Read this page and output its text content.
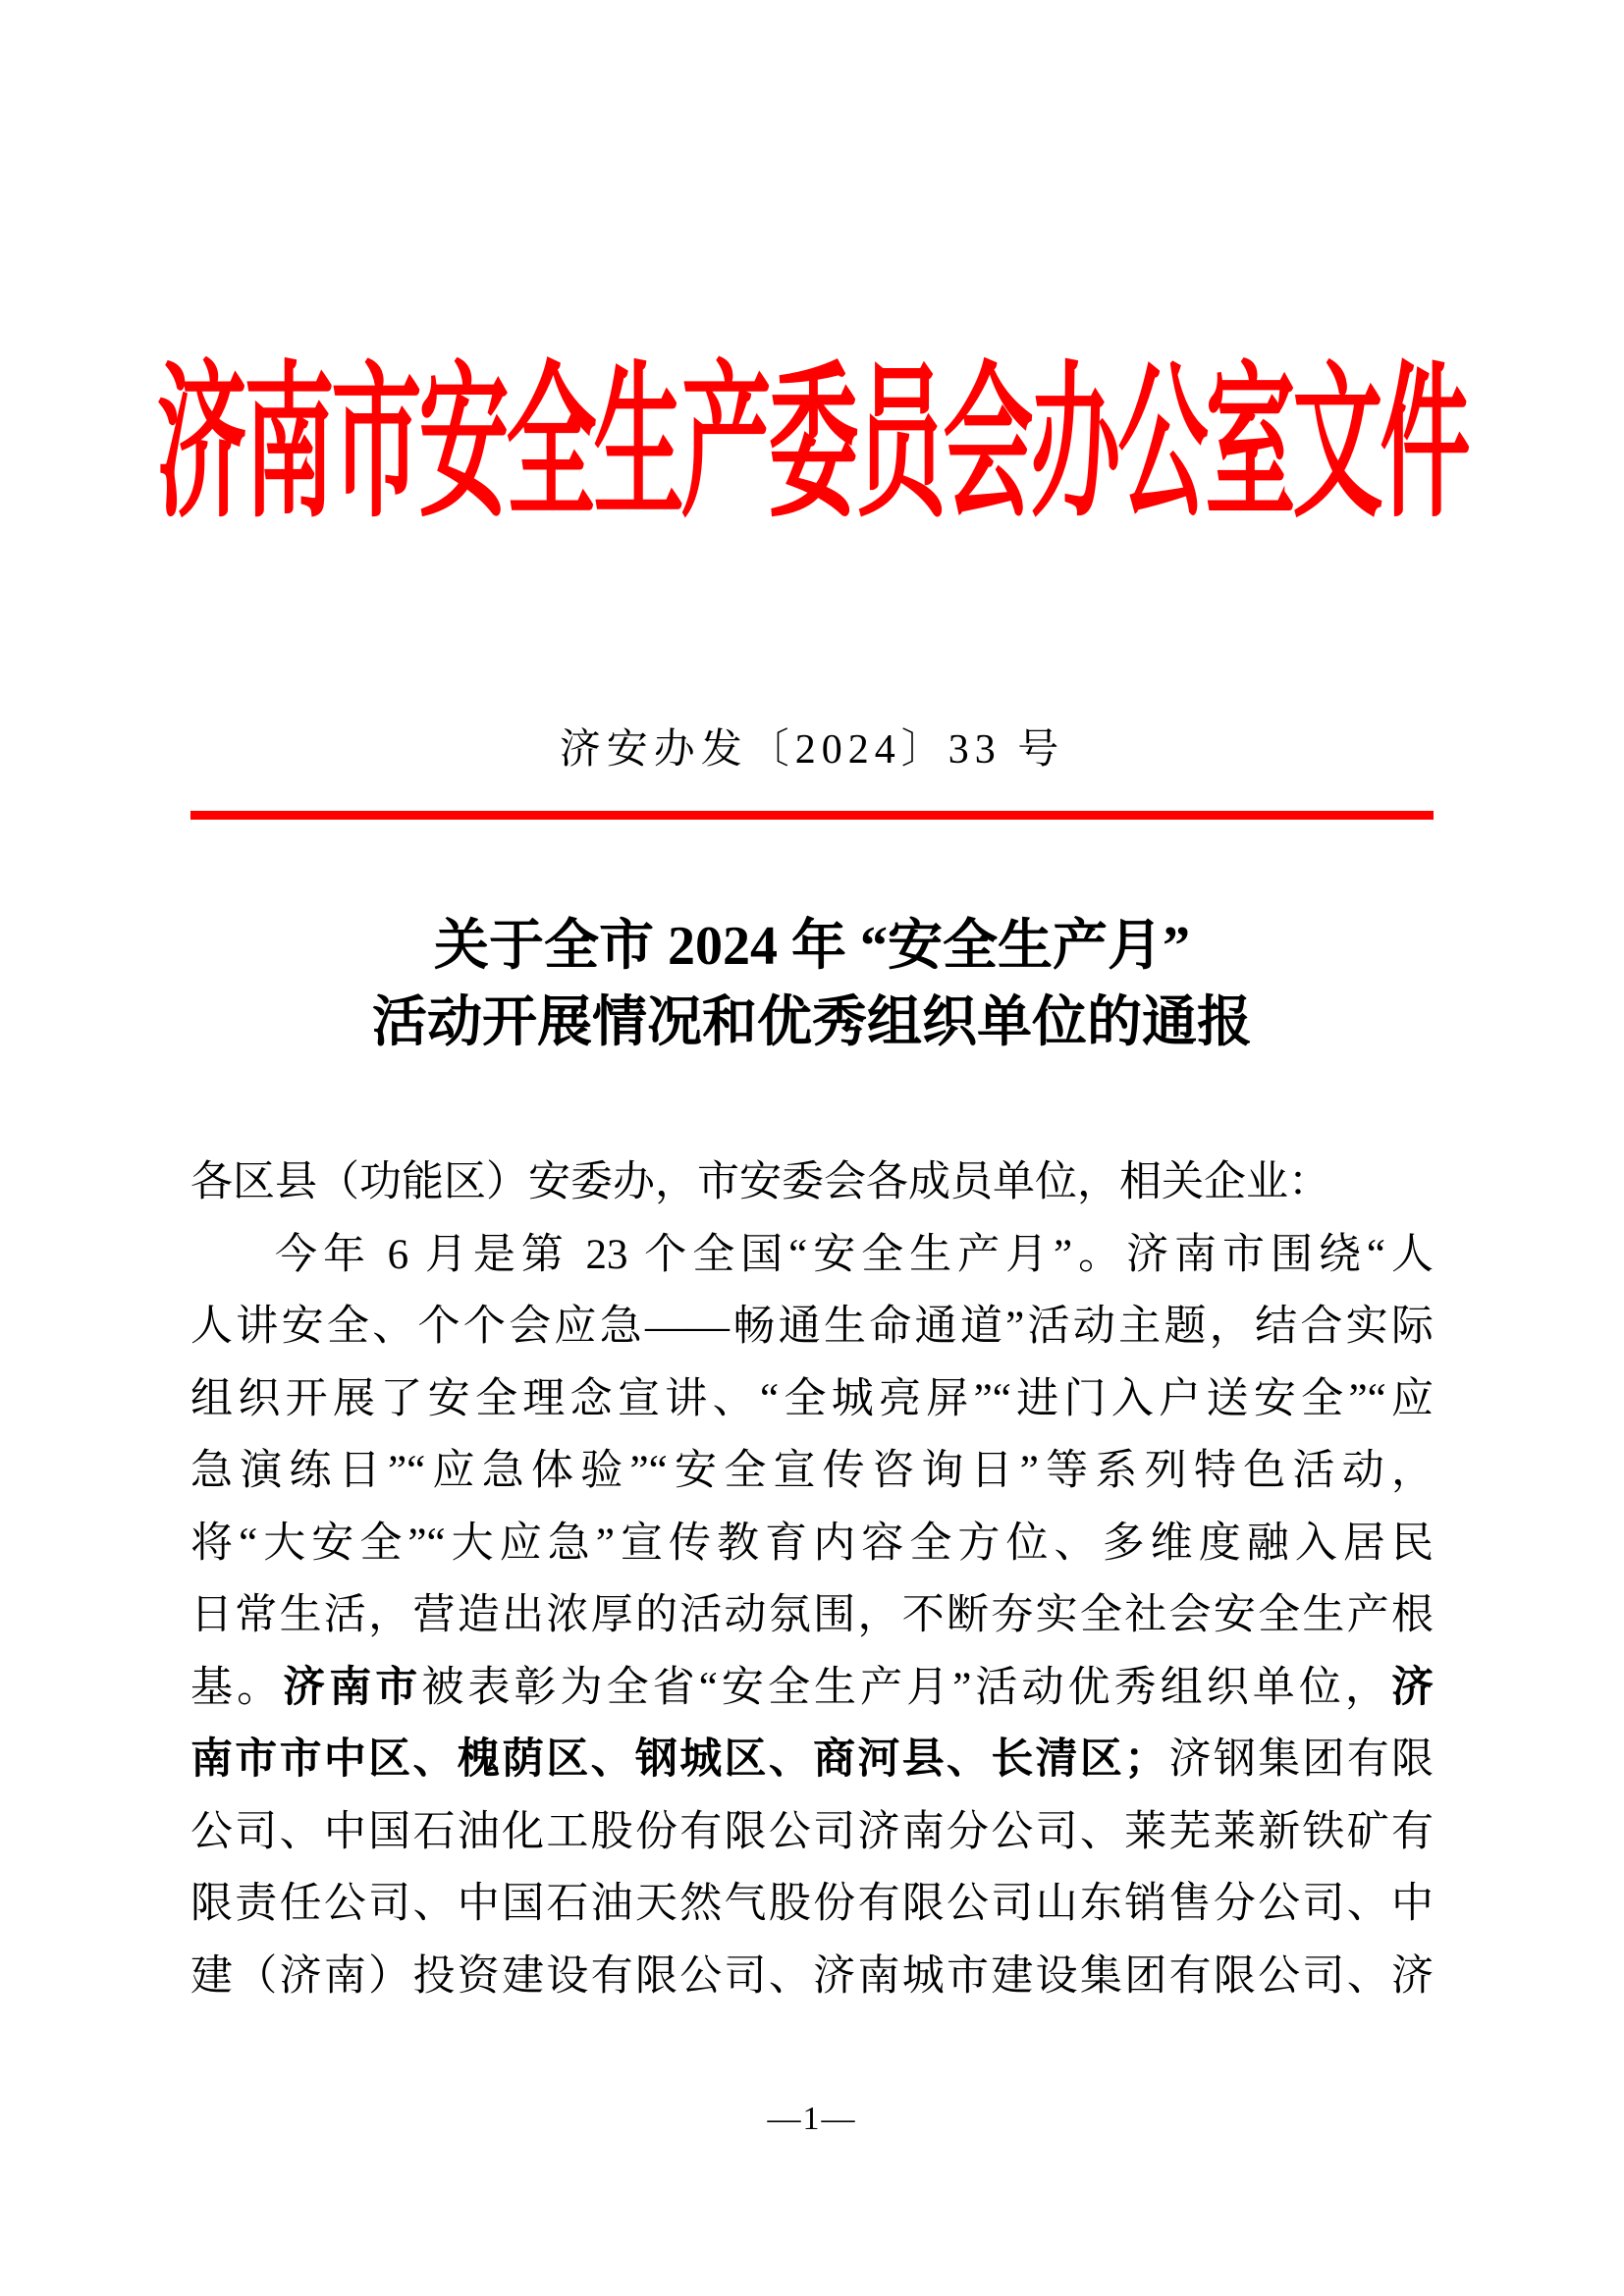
济南市安全生产委员会办公室文件
济安办发〔2024〕33 号
关于全市 2024 年 “安全生产月”
活动开展情况和优秀组织单位的通报
各区县（功能区）安委办，市安委会各成员单位，相关企业：
今年 6 月是第 23 个全国“安全生产月”。济南市围绕“人
人讲安全、个个会应急——畅通生命通道”活动主题，结合实际
组织开展了安全理念宣讲、“全城亮屏”“进门入户送安全”“应
急演练日”“应急体验”“安全宣传咨询日”等系列特色活动，
将“大安全”“大应急”宣传教育内容全方位、多维度融入居民
日常生活，营造出浓厚的活动氛围，不断夯实全社会安全生产根
基。济南市被表彰为全省“安全生产月”活动优秀组织单位，济
南市市中区、槐荫区、钢城区、商河县、长清区；济钢集团有限
公司、中国石油化工股份有限公司济南分公司、莱芜莱新铁矿有
限责任公司、中国石油天然气股份有限公司山东销售分公司、中
建（济南）投资建设有限公司、济南城市建设集团有限公司、济
—1—
